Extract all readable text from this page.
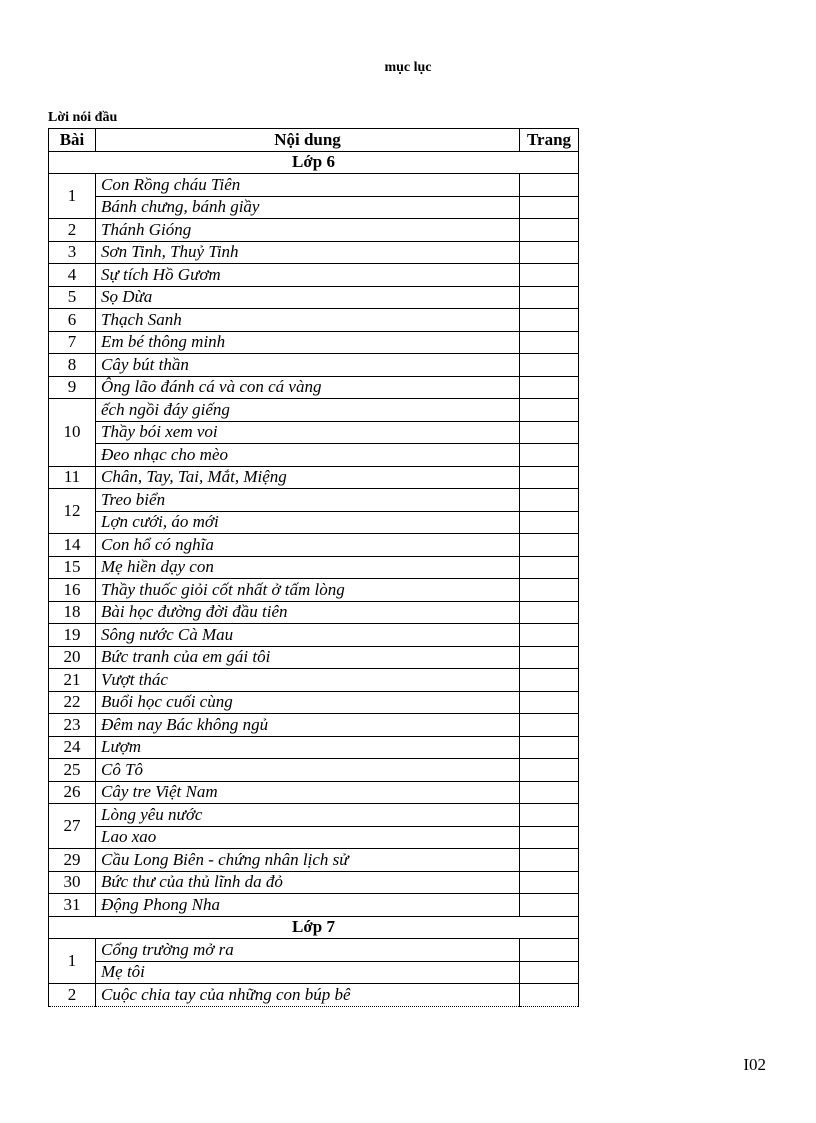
mục lục
Lời nói đầu
Bài	Nội dung	Trang
Lớp 6		
1	Con Rồng cháu Tiên	
	Bánh chưng, bánh giầy	
2	Thánh Gióng	
3	Sơn Tinh, Thuỷ Tinh	
4	Sự tích Hồ Gươm	
5	Sọ Dừa	
6	Thạch Sanh	
7	Em bé thông minh	
8	Cây bút thần	
9	Ông lão đánh cá và con cá vàng	
10	ếch ngồi đáy giếng	
	Thầy bói xem voi	
	Đeo nhạc cho mèo	
11	Chân, Tay, Tai, Mắt, Miệng	
12	Treo biển	
	Lợn cưới, áo mới	
14	Con hổ có nghĩa	
15	Mẹ hiền dạy con	
16	Thầy thuốc giỏi cốt nhất ở tấm lòng	
18	Bài học đường đời đầu tiên	
19	Sông nước Cà Mau	
20	Bức tranh của em gái tôi	
21	Vượt thác	
22	Buổi học cuối cùng	
23	Đêm nay Bác không ngủ	
24	Lượm	
25	Cô Tô	
26	Cây tre Việt Nam	
27	Lòng yêu nước	
	Lao xao	
29	Cầu Long Biên - chứng nhân lịch sử	
30	Bức thư của thủ lĩnh da đỏ	
31	Động Phong Nha	
Lớp 7		
1	Cổng trường mở ra	
	Mẹ tôi	
2	Cuộc chia tay của những con búp bê	
I02
